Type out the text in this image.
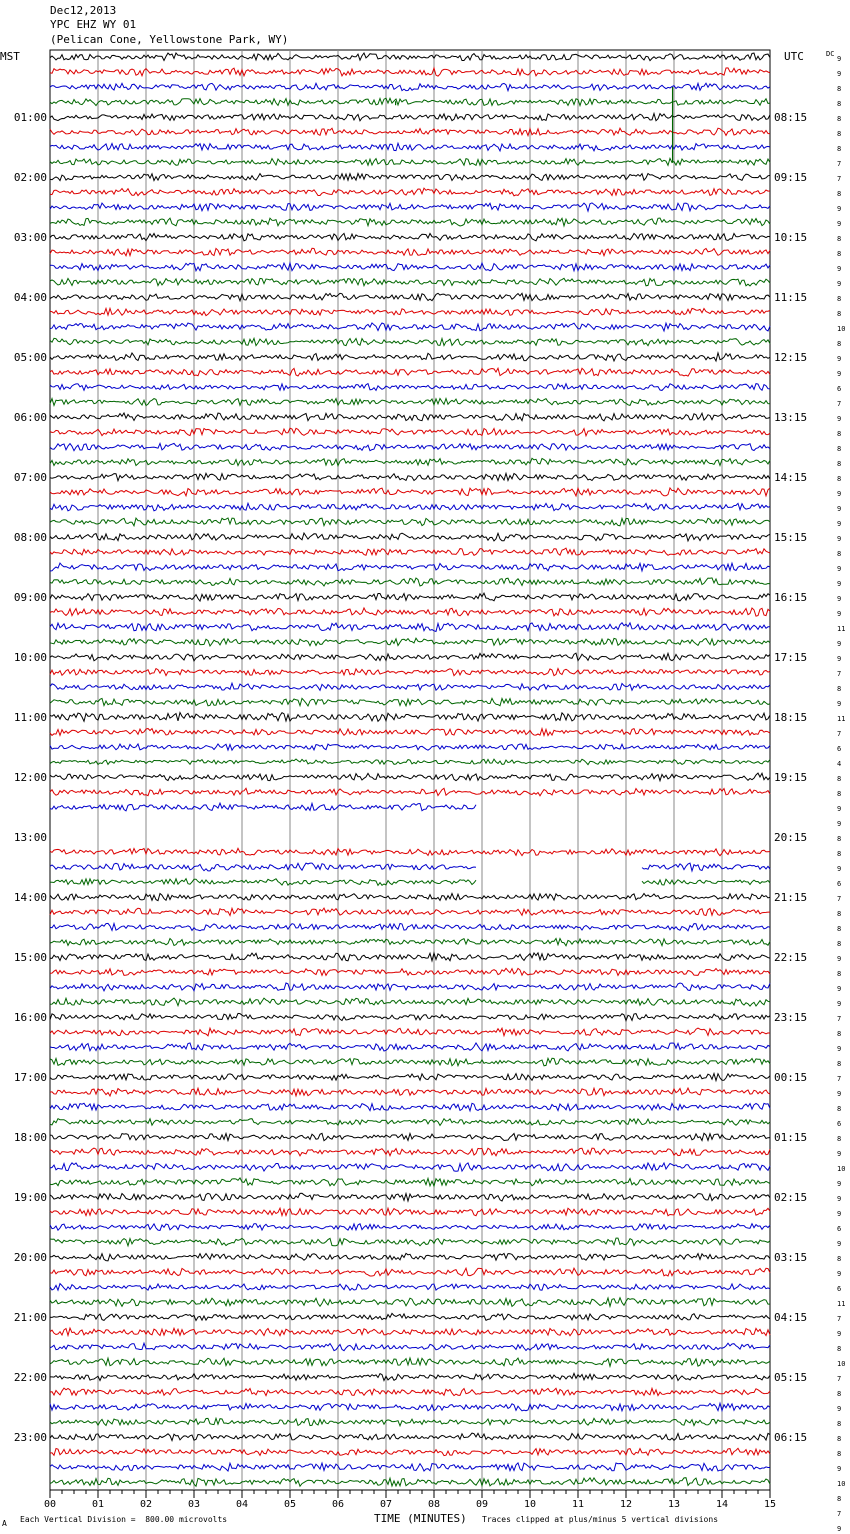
Dec12,2013
YPC EHZ WY 01
(Pelican Cone, Yellowstone Park, WY)
01:00
02:00
03:00
04:00
05:00
06:00
07:00
08:00
09:00
10:00
11:00
12:00
13:00
14:00
15:00
16:00
17:00
18:00
19:00
20:00
21:00
22:00
23:00
08:15
09:15
10:15
11:15
12:15
13:15
14:15
15:15
16:15
17:15
18:15
19:15
20:15
21:15
22:15
23:15
00:15
01:15
02:15
03:15
04:15
05:15
06:15
MST	UTC	DC
9
9
8
8
8
8
8
7
7
8
9
9
8
8
9
9
8
8
10
8
9
9
6
7
9
8
8
8
8
9
9
9
9
8
9
9
9
9
11
9
9
7
8
9
11
7
6
4
8
8
9
9
8
8
9
6
7
8
8
8
9
8
9
9
7
8
9
8
7
9
8
6
8
9
10
9
9
9
6
9
8
9
6
11
7
9
8
10
7
8
9
8
8
8
9
10
8
7
9
00	01	02	03	04	05	06	07	08	09	10	11	12	13	14	15
Each Vertical Division =  800.00 microvolts
A	TIME (MINUTES) Traces clipped at plus/minus 5 vertical divisions
